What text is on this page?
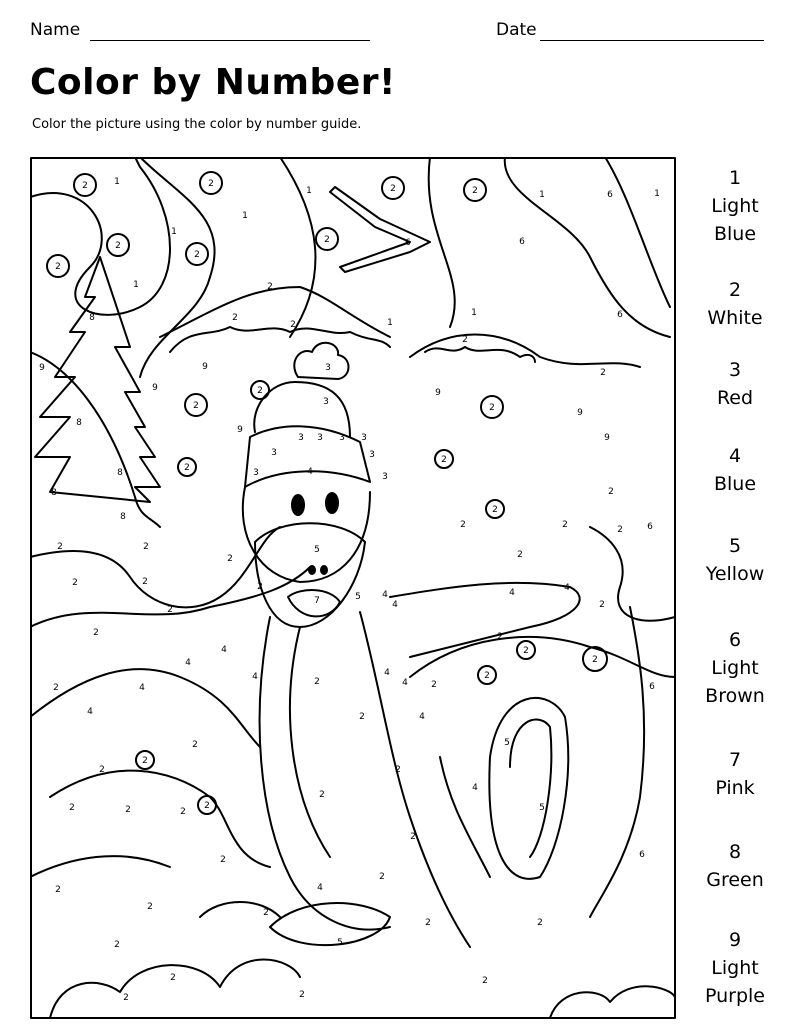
Name	Date
Color by Number!
Color the picture using the color by number guide.
2	1	2	2	2
2
2
2
2
2
2	2
2
2
2
2
2
2
2
2
1	1	6	1
1
1
1
6	6
6
1
1
2
2
2
2
8
9
9
9
9
9
9
9
8
8
8
8
3
3
3 3 3 3
3
3
3
3
4
5
7	5 4
4
4	4
4
4
4
4
4
4
4
4
4
4
2
2
2
2
2
2
5
5
5
6
6
6
2
2
2
2
2
2
2
2
2
2
2	2
2
2	2
2
2
2
2
2
2	2
2
2
2
2
2
2
2	2
2
2	2
2
1
Light Blue
2
White
3
Red
4
Blue
5
Yellow
6
Light Brown
7
Pink
8
Green
9
Light Purple
